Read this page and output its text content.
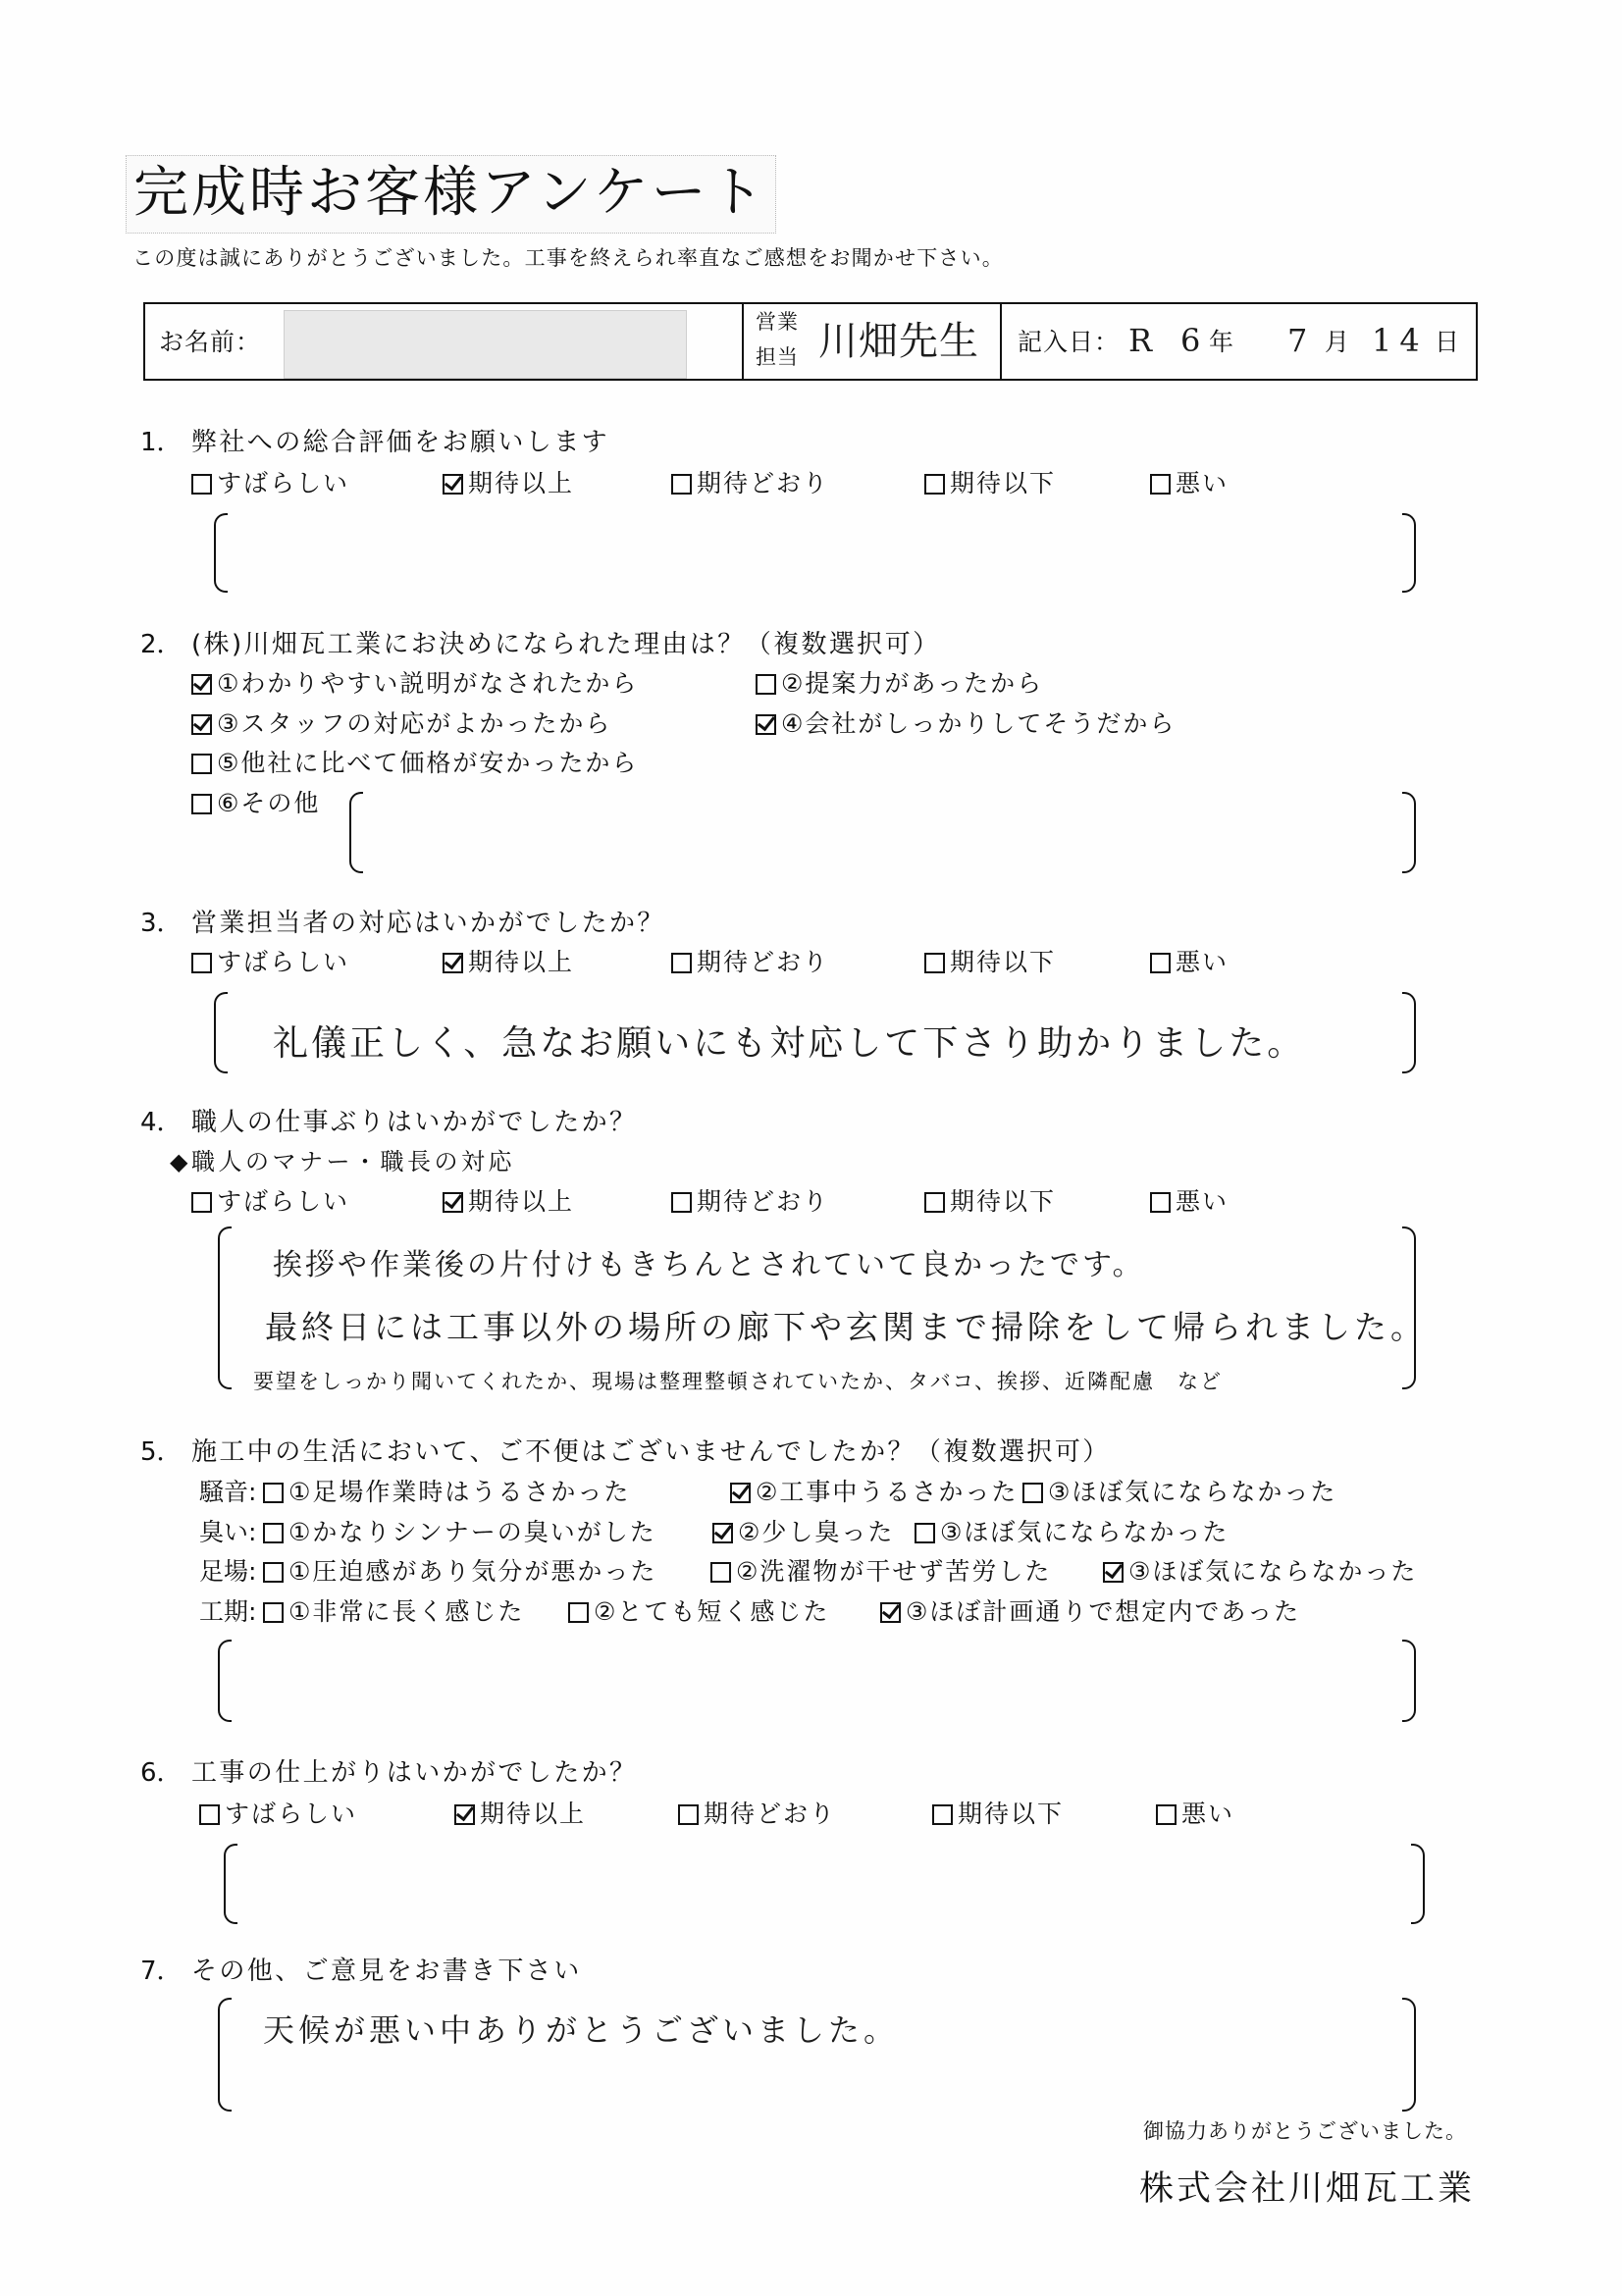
完成時お客様アンケート
この度は誠にありがとうございました。工事を終えられ率直なご感想をお聞かせ下さい。
お名前：
営業
担当 川畑先生 記入日： R 6 年 7 月 14 日
1． 弊社への総合評価をお願いします
すばらしい	期待以上	期待どおり	期待以下	悪い
2． (株)川畑瓦工業にお決めになられた理由は？（複数選択可）
①わかりやすい説明がなされたから	②提案力があったから
③スタッフの対応がよかったから	④会社がしっかりしてそうだから
⑤他社に比べて価格が安かったから
⑥その他
3． 営業担当者の対応はいかがでしたか？
すばらしい	期待以上	期待どおり	期待以下	悪い
礼儀正しく、急なお願いにも対応して下さり助かりました。
4． 職人の仕事ぶりはいかがでしたか？
◆職人のマナー・職長の対応
すばらしい	期待以上	期待どおり	期待以下	悪い
挨拶や作業後の片付けもきちんとされていて良かったです。
最終日には工事以外の場所の廊下や玄関まで掃除をして帰られました。
要望をしっかり聞いてくれたか、現場は整理整頓されていたか、タバコ、挨拶、近隣配慮　など
5． 施工中の生活において、ご不便はございませんでしたか？（複数選択可）
騒音: ①足場作業時はうるさかった	②工事中うるさかった ③ほぼ気にならなかった
臭い: ①かなりシンナーの臭いがした	②少し臭った ③ほぼ気にならなかった
足場: ①圧迫感があり気分が悪かった	②洗濯物が干せず苦労した	③ほぼ気にならなかった
工期: ①非常に長く感じた	②とても短く感じた	③ほぼ計画通りで想定内であった
6． 工事の仕上がりはいかがでしたか？
すばらしい	期待以上	期待どおり	期待以下	悪い
7． その他、ご意見をお書き下さい
天候が悪い中ありがとうございました。
御協力ありがとうございました。
株式会社川畑瓦工業
